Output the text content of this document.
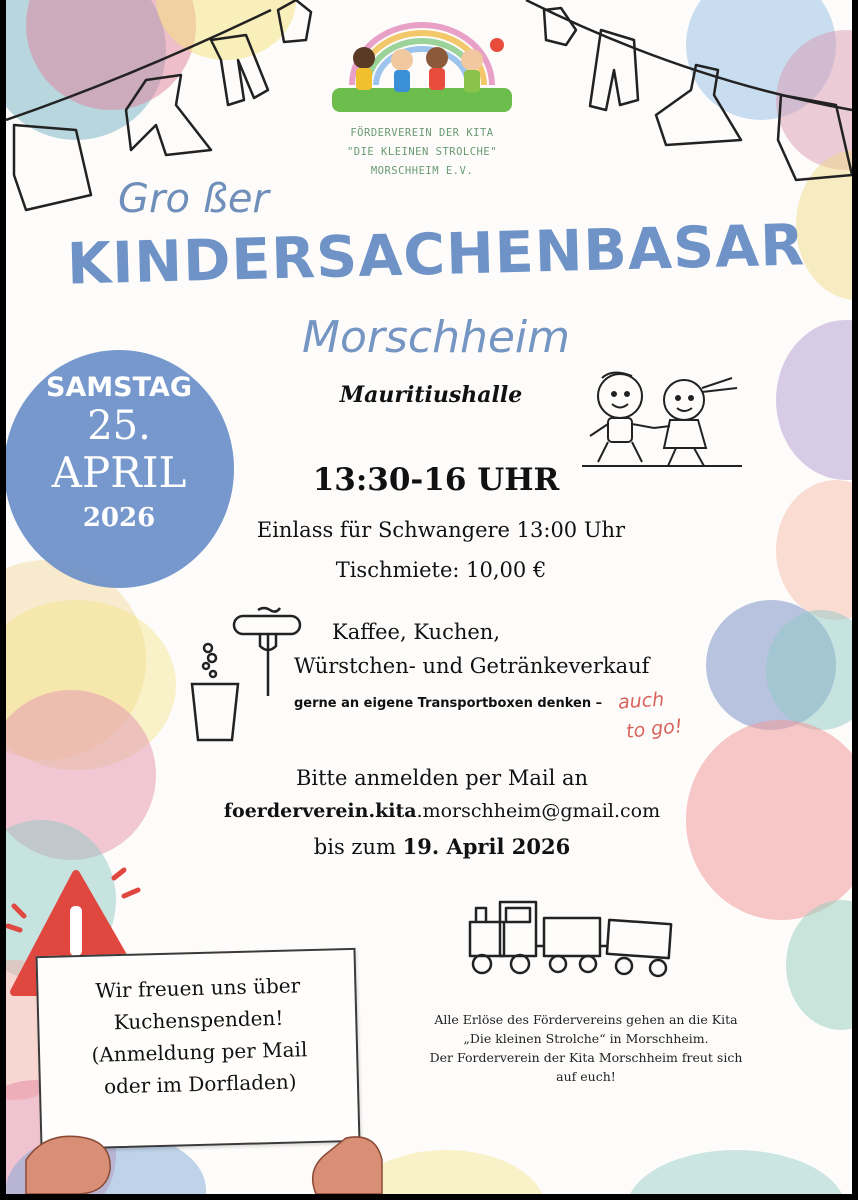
FÖRDERVEREIN DER KITA
"DIE KLEINEN STROLCHE"
MORSCHHEIM E.V.
Gro ßer
KINDERSACHENBASAR
Morschheim
Mauritiushalle
SAMSTAG
25.
APRIL
2026
13:30-16 UHR
Einlass für Schwangere 13:00 Uhr
Tischmiete: 10,00 €
Kaffee, Kuchen,
Würstchen- und Getränkeverkauf
gerne an eigene Transportboxen denken – auch
to go!
Bitte anmelden per Mail an
foerderverein.kita.morschheim@gmail.com
bis zum 19. April 2026
Wir freuen uns über
Kuchenspenden!
(Anmeldung per Mail
oder im Dorfladen)
Alle Erlöse des Fördervereins gehen an die Kita
„Die kleinen Strolche“ in Morschheim.
Der Forderverein der Kita Morschheim freut sich
auf euch!
